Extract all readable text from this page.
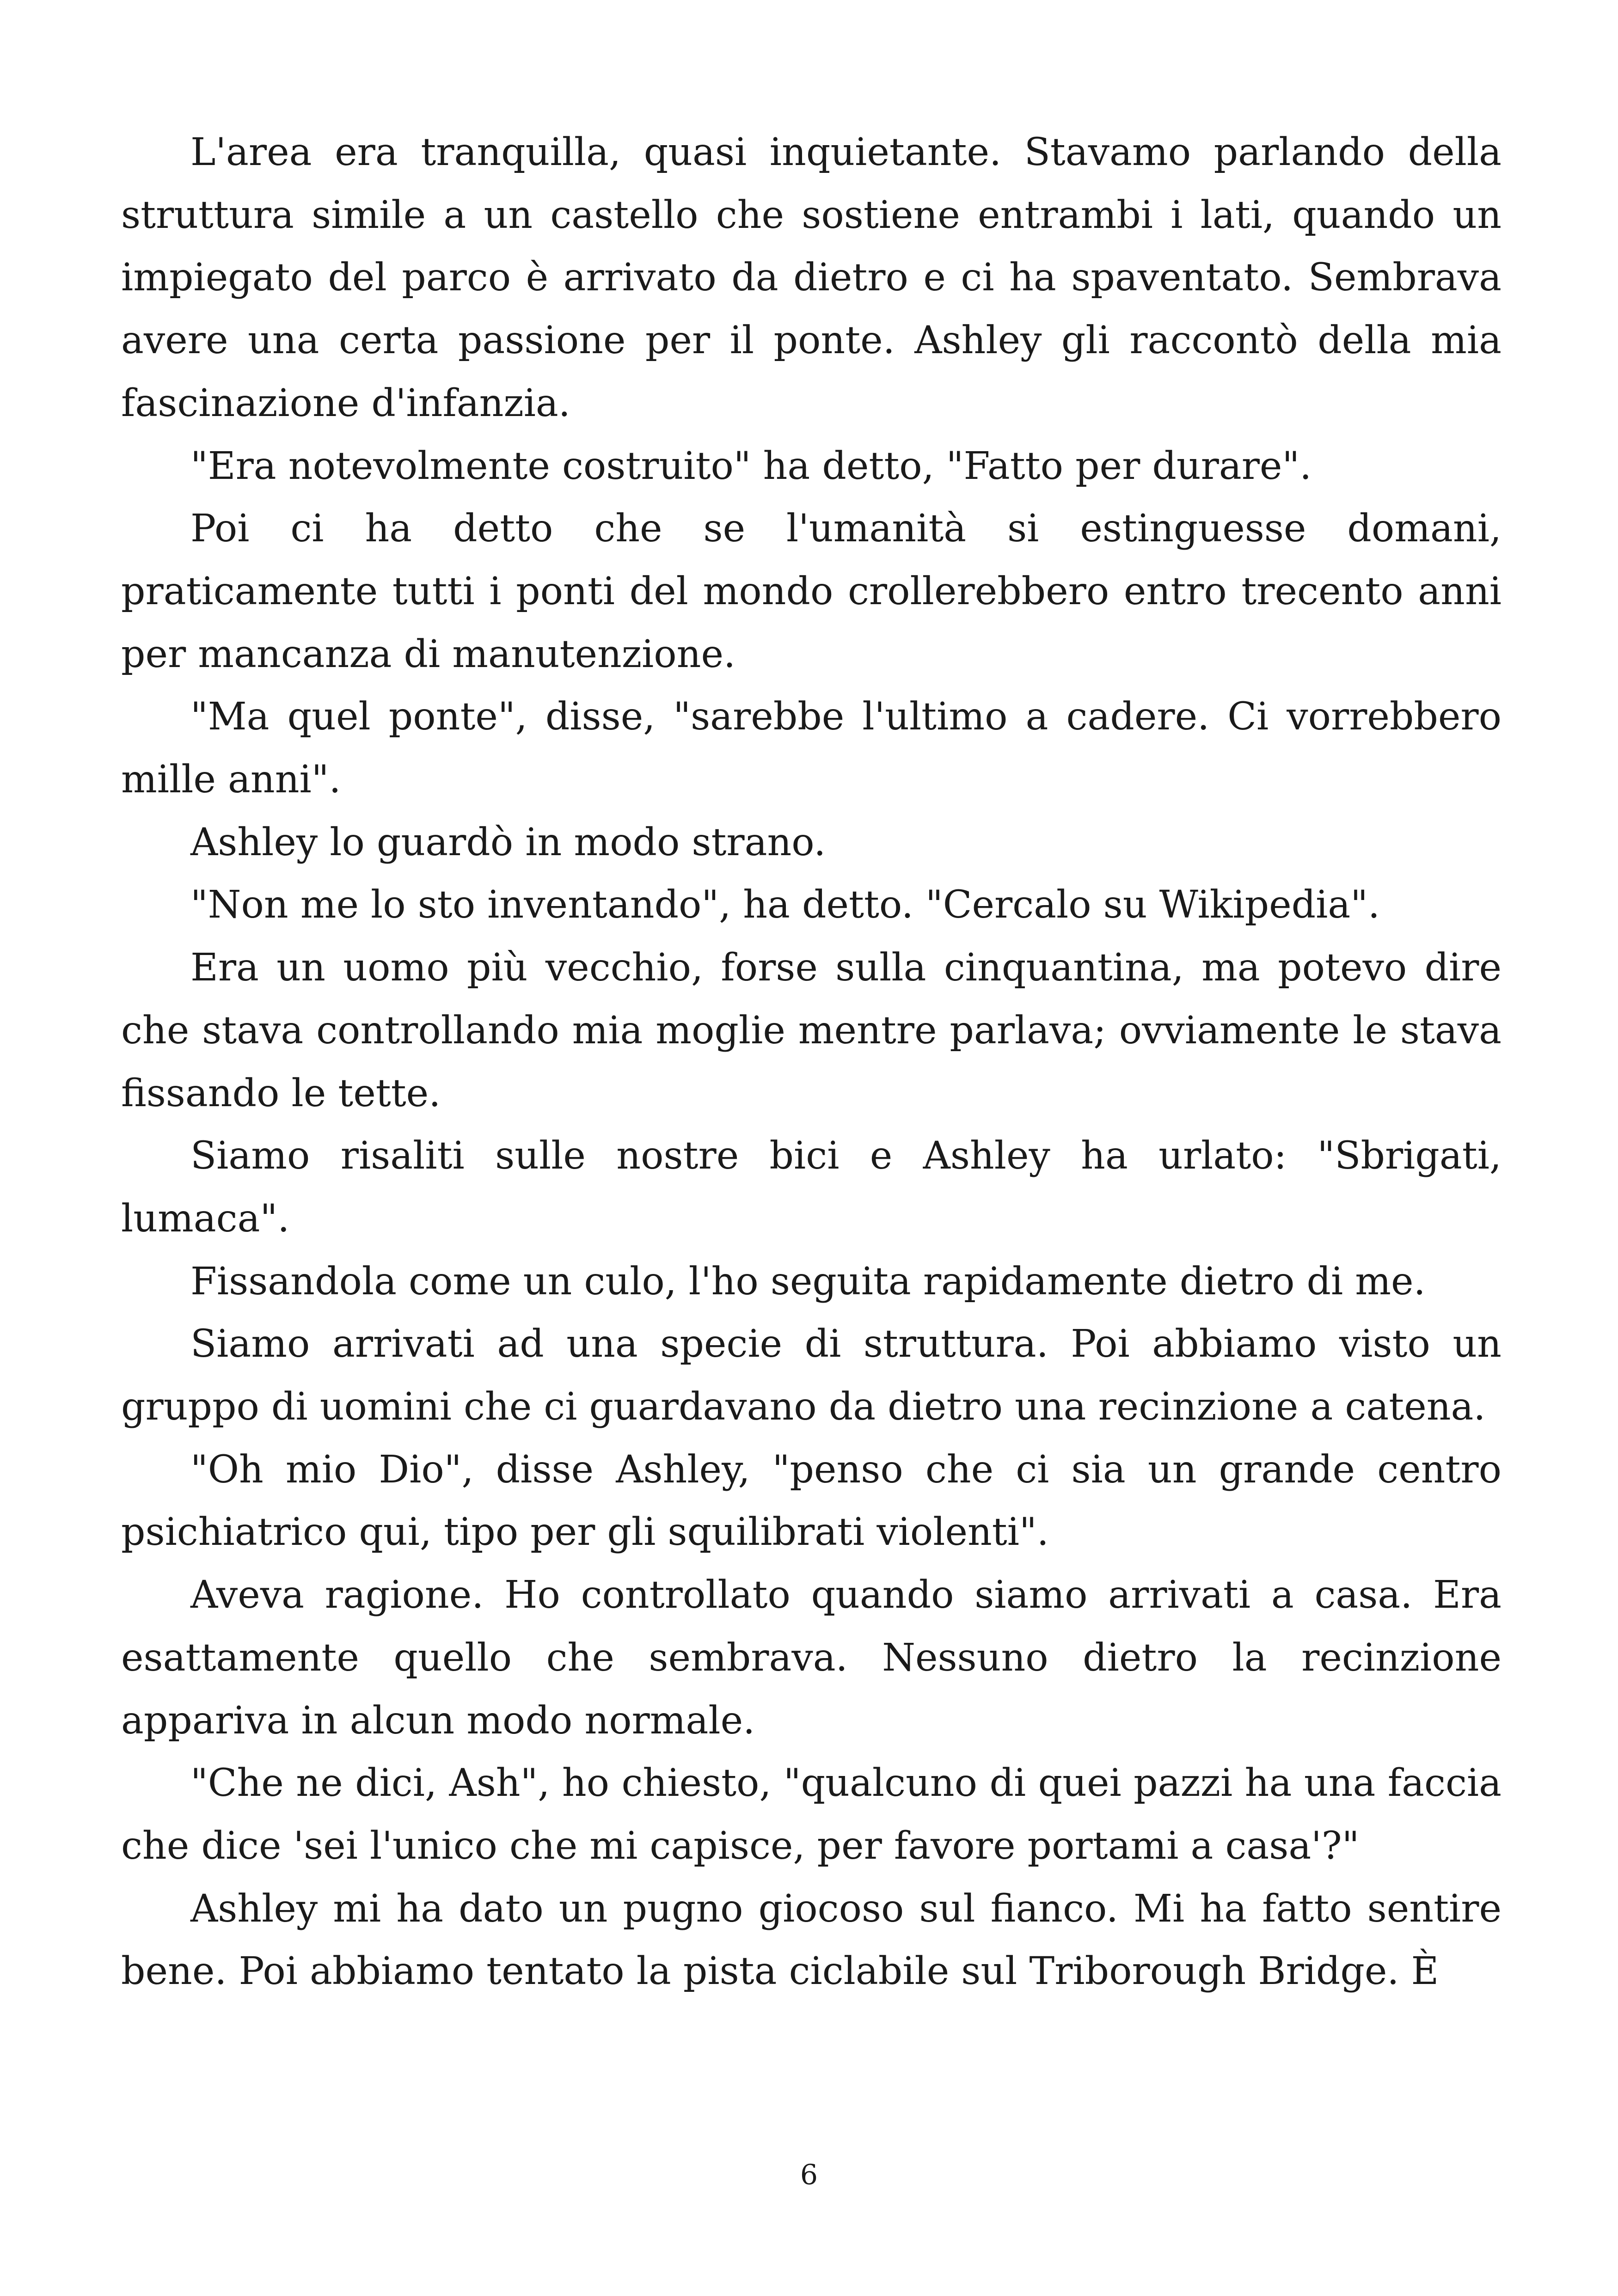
L'area era tranquilla, quasi inquietante. Stavamo parlando della struttura simile a un castello che sostiene entrambi i lati, quando un impiegato del parco è arrivato da dietro e ci ha spaventato. Sembrava avere una certa passione per il ponte. Ashley gli raccontò della mia fascinazione d'infanzia.

"Era notevolmente costruito" ha detto, "Fatto per durare".

Poi ci ha detto che se l'umanità si estinguesse domani, praticamente tutti i ponti del mondo crollerebbero entro trecento anni per mancanza di manutenzione.

"Ma quel ponte", disse, "sarebbe l'ultimo a cadere. Ci vorrebbero mille anni".

Ashley lo guardò in modo strano.

"Non me lo sto inventando", ha detto. "Cercalo su Wikipedia".

Era un uomo più vecchio, forse sulla cinquantina, ma potevo dire che stava controllando mia moglie mentre parlava; ovviamente le stava fissando le tette.

Siamo risaliti sulle nostre bici e Ashley ha urlato: "Sbrigati, lumaca".

Fissandola come un culo, l'ho seguita rapidamente dietro di me.

Siamo arrivati ad una specie di struttura. Poi abbiamo visto un gruppo di uomini che ci guardavano da dietro una recinzione a catena.

"Oh mio Dio", disse Ashley, "penso che ci sia un grande centro psichiatrico qui, tipo per gli squilibrati violenti".

Aveva ragione. Ho controllato quando siamo arrivati a casa. Era esattamente quello che sembrava. Nessuno dietro la recinzione appariva in alcun modo normale.

"Che ne dici, Ash", ho chiesto, "qualcuno di quei pazzi ha una faccia che dice 'sei l'unico che mi capisce, per favore portami a casa'?"

Ashley mi ha dato un pugno giocoso sul fianco. Mi ha fatto sentire bene. Poi abbiamo tentato la pista ciclabile sul Triborough Bridge. È

6
